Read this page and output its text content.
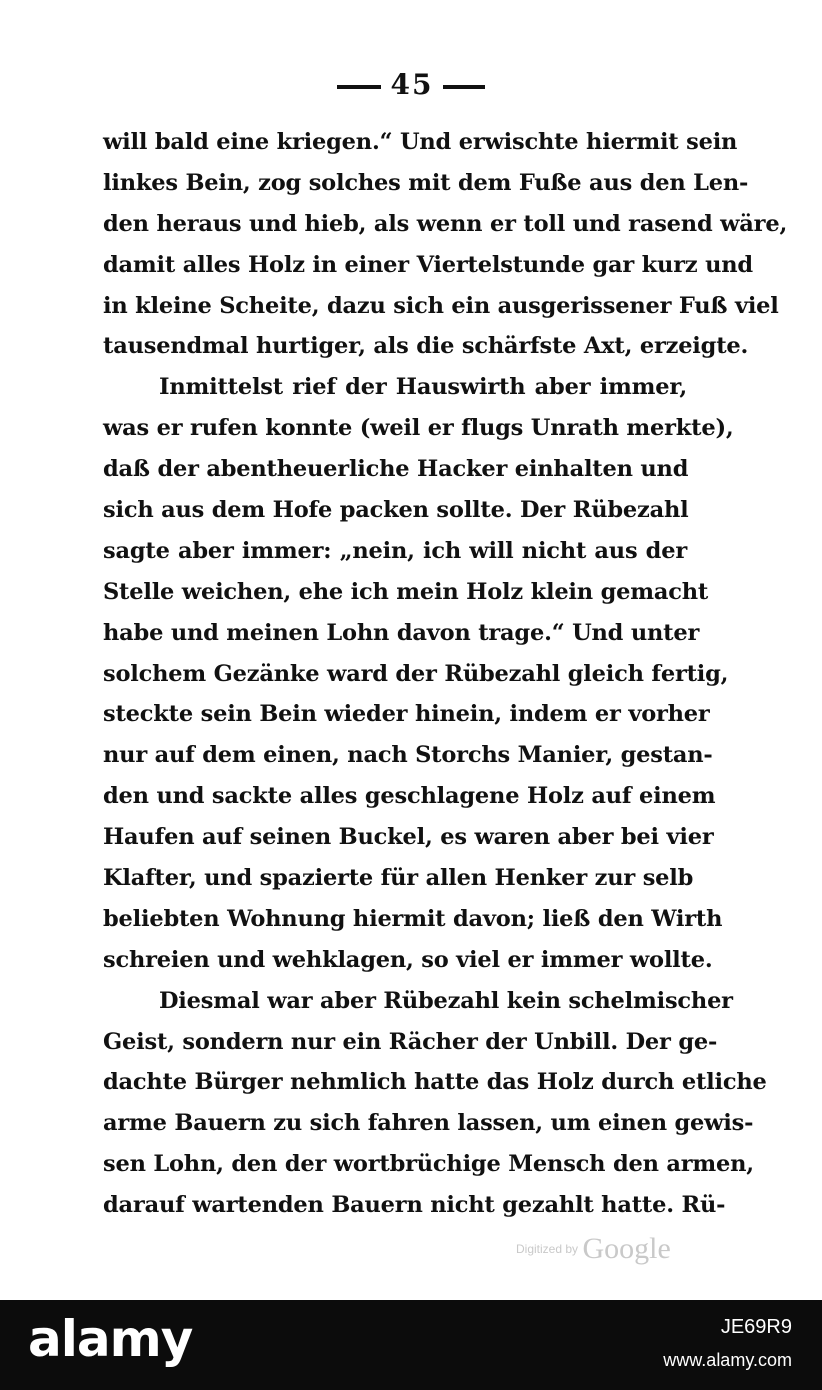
45
will bald eine kriegen.“ Und erwischte hiermit sein
linkes Bein, zog solches mit dem Fuße aus den Len-
den heraus und hieb, als wenn er toll und rasend wäre,
damit alles Holz in einer Viertelstunde gar kurz und
in kleine Scheite, dazu sich ein ausgerissener Fuß viel
tausendmal hurtiger, als die schärfste Axt, erzeigte.
Inmittelst rief der Hauswirth aber immer,
was er rufen konnte (weil er flugs Unrath merkte),
daß der abentheuerliche Hacker einhalten und
sich aus dem Hofe packen sollte. Der Rübezahl
sagte aber immer: „nein, ich will nicht aus der
Stelle weichen, ehe ich mein Holz klein gemacht
habe und meinen Lohn davon trage.“ Und unter
solchem Gezänke ward der Rübezahl gleich fertig,
steckte sein Bein wieder hinein, indem er vorher
nur auf dem einen, nach Storchs Manier, gestan-
den und sackte alles geschlagene Holz auf einem
Haufen auf seinen Buckel, es waren aber bei vier
Klafter, und spazierte für allen Henker zur selb
beliebten Wohnung hiermit davon; ließ den Wirth
schreien und wehklagen, so viel er immer wollte.
Diesmal war aber Rübezahl kein schelmischer
Geist, sondern nur ein Rächer der Unbill. Der ge-
dachte Bürger nehmlich hatte das Holz durch etliche
arme Bauern zu sich fahren lassen, um einen gewis-
sen Lohn, den der wortbrüchige Mensch den armen,
darauf wartenden Bauern nicht gezahlt hatte. Rü-
Digitized by Google
alamy	JE69R9
www.alamy.com
